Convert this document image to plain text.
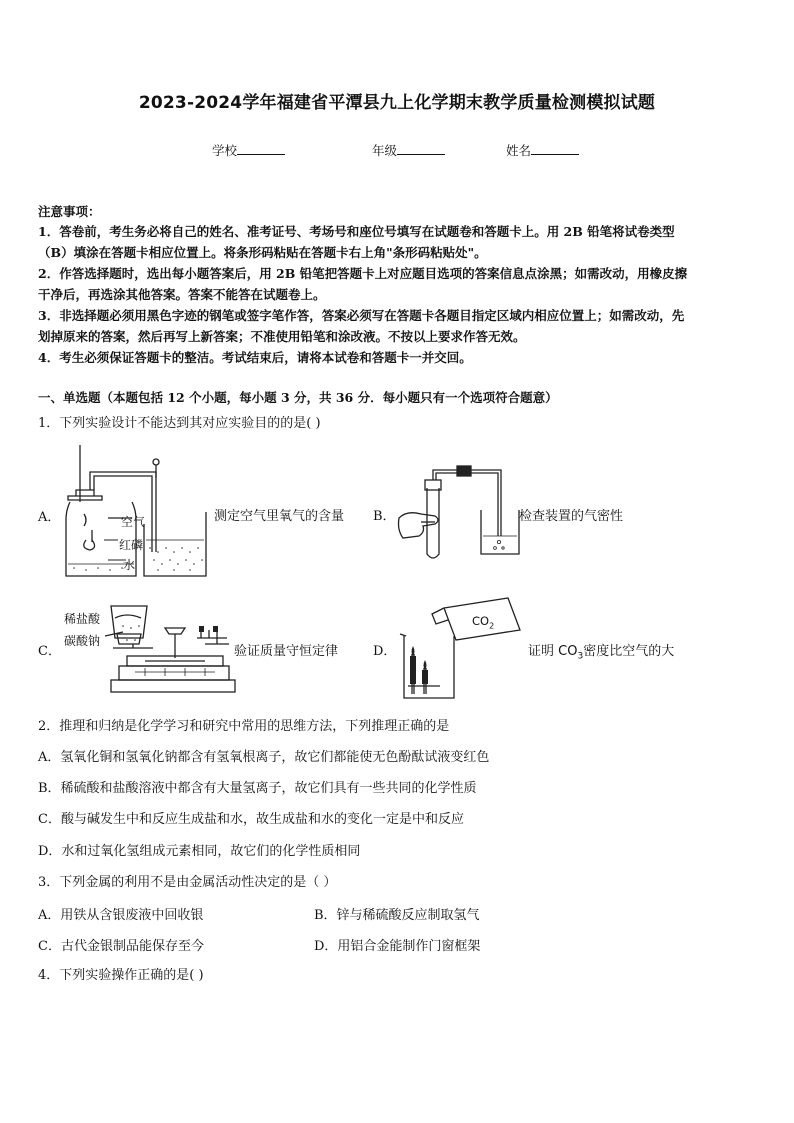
2023-2024学年福建省平潭县九上化学期末教学质量检测模拟试题
学校	年级	姓名
注意事项：
1．答卷前，考生务必将自己的姓名、准考证号、考场号和座位号填写在试题卷和答题卡上。用 2B 铅笔将试卷类型
（B）填涂在答题卡相应位置上。将条形码粘贴在答题卡右上角"条形码粘贴处"。
2．作答选择题时，选出每小题答案后，用 2B 铅笔把答题卡上对应题目选项的答案信息点涂黑；如需改动，用橡皮擦
干净后，再选涂其他答案。答案不能答在试题卷上。
3．非选择题必须用黑色字迹的钢笔或签字笔作答，答案必须写在答题卡各题目指定区域内相应位置上；如需改动，先
划掉原来的答案，然后再写上新答案；不准使用铅笔和涂改液。不按以上要求作答无效。
4．考生必须保证答题卡的整洁。考试结束后，请将本试卷和答题卡一并交回。
一、单选题（本题包括 12 个小题，每小题 3 分，共 36 分．每小题只有一个选项符合题意）
1．下列实验设计不能达到其对应实验目的的是( )
A．	空气
红磷
水
测定空气里氧气的含量 B．	检查装置的气密性
C．
稀盐酸
碳酸钠
验证质量守恒定律	D．
$CO_2$
证明 $CO_3$密度比空气的大
2．推理和归纳是化学学习和研究中常用的思维方法，下列推理正确的是
A．氢氧化铜和氢氧化钠都含有氢氧根离子，故它们都能使无色酚酞试液变红色
B．稀硫酸和盐酸溶液中都含有大量氢离子，故它们具有一些共同的化学性质
C．酸与碱发生中和反应生成盐和水，故生成盐和水的变化一定是中和反应
D．水和过氧化氢组成元素相同，故它们的化学性质相同
3．下列金属的利用不是由金属活动性决定的是（ ）
A．用铁从含银废液中回收银	B．锌与稀硫酸反应制取氢气
C．古代金银制品能保存至今	D．用铝合金能制作门窗框架
4．下列实验操作正确的是( )
